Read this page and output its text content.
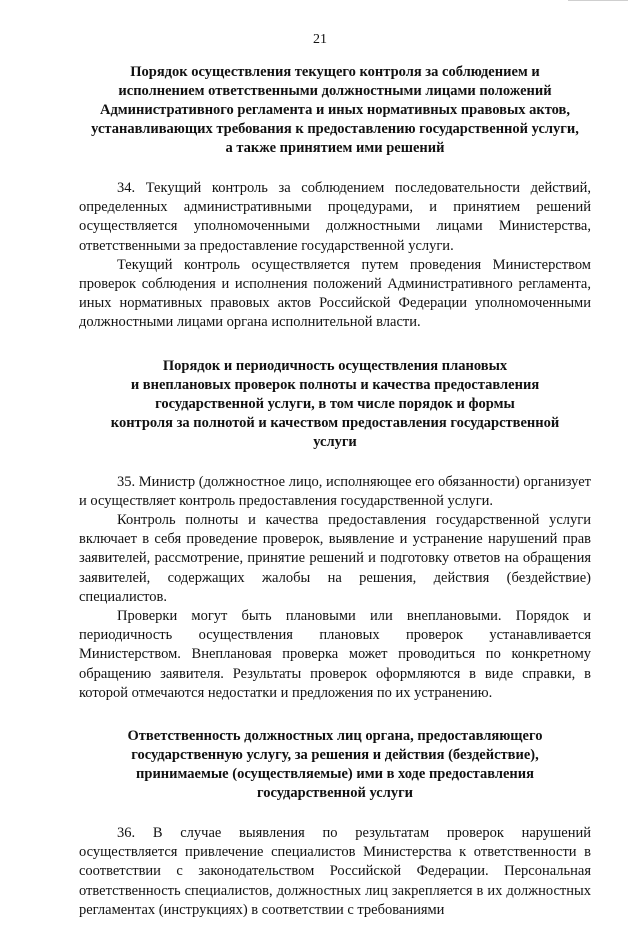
21
Порядок осуществления текущего контроля за соблюдением и
исполнением ответственными должностными лицами положений
Административного регламента и иных нормативных правовых актов,
устанавливающих требования к предоставлению государственной услуги,
а также принятием ими решений

34. Текущий контроль за соблюдением последовательности действий, определенных административными процедурами, и принятием решений осуществляется уполномоченными должностными лицами Министерства, ответственными за предоставление государственной услуги.

Текущий контроль осуществляется путем проведения Министерством проверок соблюдения и исполнения положений Административного регламента, иных нормативных правовых актов Российской Федерации уполномоченными должностными лицами органа исполнительной власти.

Порядок и периодичность осуществления плановых
и внеплановых проверок полноты и качества предоставления
государственной услуги, в том числе порядок и формы
контроля за полнотой и качеством предоставления государственной
услуги

35. Министр (должностное лицо, исполняющее его обязанности) организует и осуществляет контроль предоставления государственной услуги.

Контроль полноты и качества предоставления государственной услуги включает в себя проведение проверок, выявление и устранение нарушений прав заявителей, рассмотрение, принятие решений и подготовку ответов на обращения заявителей, содержащих жалобы на решения, действия (бездействие) специалистов.

Проверки могут быть плановыми или внеплановыми. Порядок и периодичность осуществления плановых проверок устанавливается Министерством. Внеплановая проверка может проводиться по конкретному обращению заявителя. Результаты проверок оформляются в виде справки, в которой отмечаются недостатки и предложения по их устранению.

Ответственность должностных лиц органа, предоставляющего
государственную услугу, за решения и действия (бездействие),
принимаемые (осуществляемые) ими в ходе предоставления
государственной услуги

36. В случае выявления по результатам проверок нарушений осуществляется привлечение специалистов Министерства к ответственности в соответствии с законодательством Российской Федерации. Персональная ответственность специалистов, должностных лиц закрепляется в их должностных регламентах (инструкциях) в соответствии с требованиями
